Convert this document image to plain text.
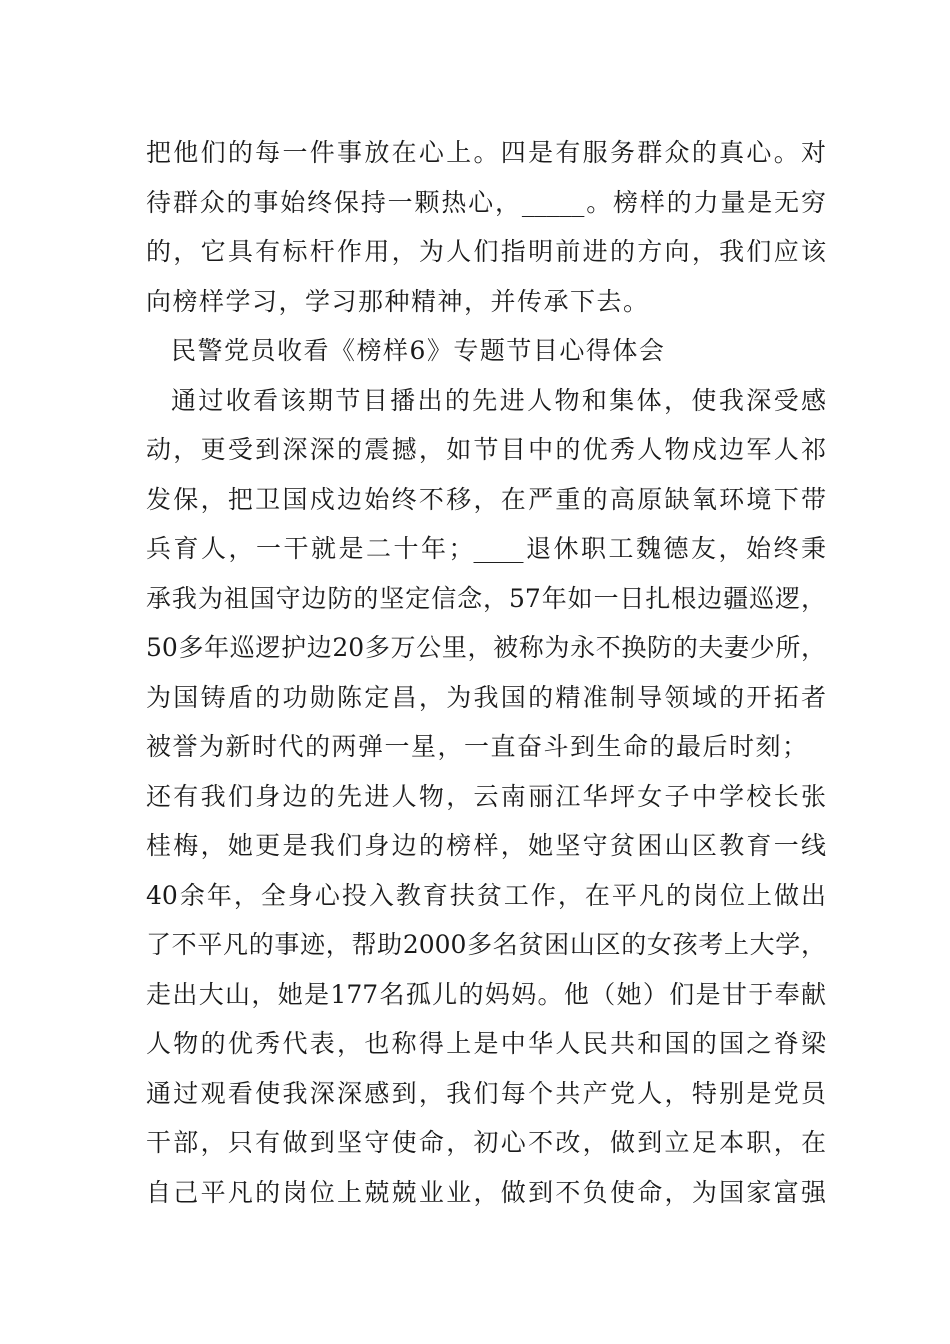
把他们的每一件事放在心上。四是有服务群众的真心。对
待群众的事始终保持一颗热心，_____。榜样的力量是无穷
的，它具有标杆作用，为人们指明前进的方向，我们应该
向榜样学习，学习那种精神，并传承下去。
民警党员收看《榜样6》专题节目心得体会
通过收看该期节目播出的先进人物和集体，使我深受感
动，更受到深深的震撼，如节目中的优秀人物戍边军人祁
发保，把卫国戍边始终不移，在严重的高原缺氧环境下带
兵育人，一干就是二十年；____退休职工魏德友，始终秉
承我为祖国守边防的坚定信念，57年如一日扎根边疆巡逻，
50多年巡逻护边20多万公里，被称为永不换防的夫妻少所，
为国铸盾的功勋陈定昌，为我国的精准制导领域的开拓者
被誉为新时代的两弹一星，一直奋斗到生命的最后时刻；
还有我们身边的先进人物，云南丽江华坪女子中学校长张
桂梅，她更是我们身边的榜样，她坚守贫困山区教育一线
40余年，全身心投入教育扶贫工作，在平凡的岗位上做出
了不平凡的事迹，帮助2000多名贫困山区的女孩考上大学，
走出大山，她是177名孤儿的妈妈。他（她）们是甘于奉献
人物的优秀代表，也称得上是中华人民共和国的国之脊梁
通过观看使我深深感到，我们每个共产党人，特别是党员
干部，只有做到坚守使命，初心不改，做到立足本职，在
自己平凡的岗位上兢兢业业，做到不负使命，为国家富强
